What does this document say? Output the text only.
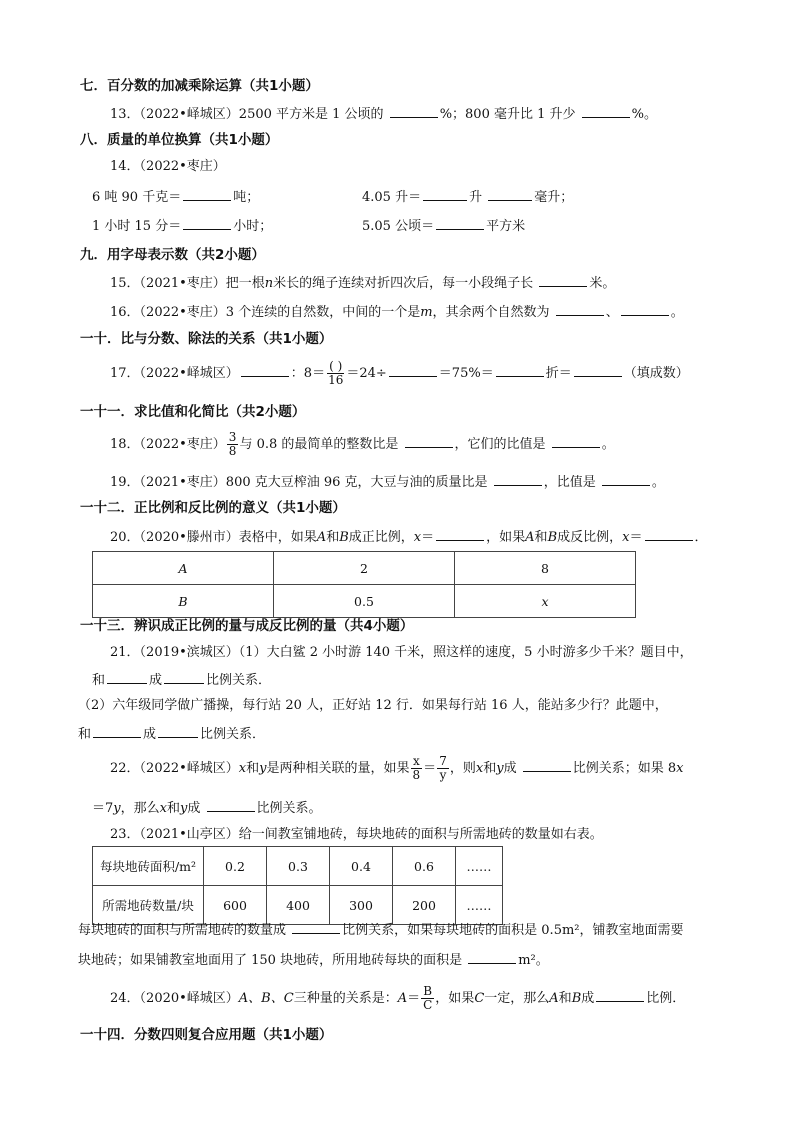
七．百分数的加减乘除运算（共1小题）
13．（2022•峄城区）2500 平方米是 1 公顷的	%；800 毫升比 1 升少	%。
八．质量的单位换算（共1小题）
14．（2022•枣庄）
6 吨 90 千克＝	吨；	4.05 升＝	升	毫升；
1 小时 15 分＝	小时；	5.05 公顷＝	平方米
九．用字母表示数（共2小题）
15．（2021•枣庄）把一根n米长的绳子连续对折四次后，每一小段绳子长	米。
16．（2022•枣庄）3 个连续的自然数，中间的一个是m，其余两个自然数为	、	。
一十．比与分数、除法的关系（共1小题）
17．（2022•峄城区）	：$8= \frac{( )}{16} =24\div$	＝75%＝	折＝	（填成数）
一十一．求比值和化简比（共2小题）
18．（2022•枣庄） $\frac{3}{8}$ 与 0.8 的最简单的整数比是	，它们的比值是	。
19．（2021•枣庄）800 克大豆榨油 96 克，大豆与油的质量比是	，比值是	。
一十二．正比例和反比例的意义（共1小题）
20．（2020•滕州市）表格中，如果A和B成正比例，x＝	，如果A和B成反比例，x＝	．
A	2	8
B	0.5	x
一十三．辨识成正比例的量与成反比例的量（共4小题）
21．（2019•滨城区）（1）大白鲨 2 小时游 140 千米，照这样的速度，5 小时游多少千米？题目中，
和	成	比例关系．
（2）六年级同学做广播操，每行站 20 人，正好站 12 行．如果每行站 16 人，能站多少行？此题中，
和	成	比例关系．
22．（2022•峄城区）x和y是两种相关联的量，如果 $\frac{x}{8} = \frac{7}{y}$ ，则x和y成	比例关系；如果 8x
＝7y，那么x和y成	比例关系。
23．（2021•山亭区）给一间教室铺地砖，每块地砖的面积与所需地砖的数量如右表。
每块地砖面积/m²	0.2	0.3	0.4	0.6	……
所需地砖数量/块	600	400	300	200	……
每块地砖的面积与所需地砖的数量成	比例关系，如果每块地砖的面积是 0.5m²，铺教室地面需要
块地砖；如果铺教室地面用了 150 块地砖，所用地砖每块的面积是	m²。
24．（2020•峄城区）A、B、C三种量的关系是：$A= \frac{B}{C}$ ，如果C一定，那么A和B成	比例．
一十四．分数四则复合应用题（共1小题）
